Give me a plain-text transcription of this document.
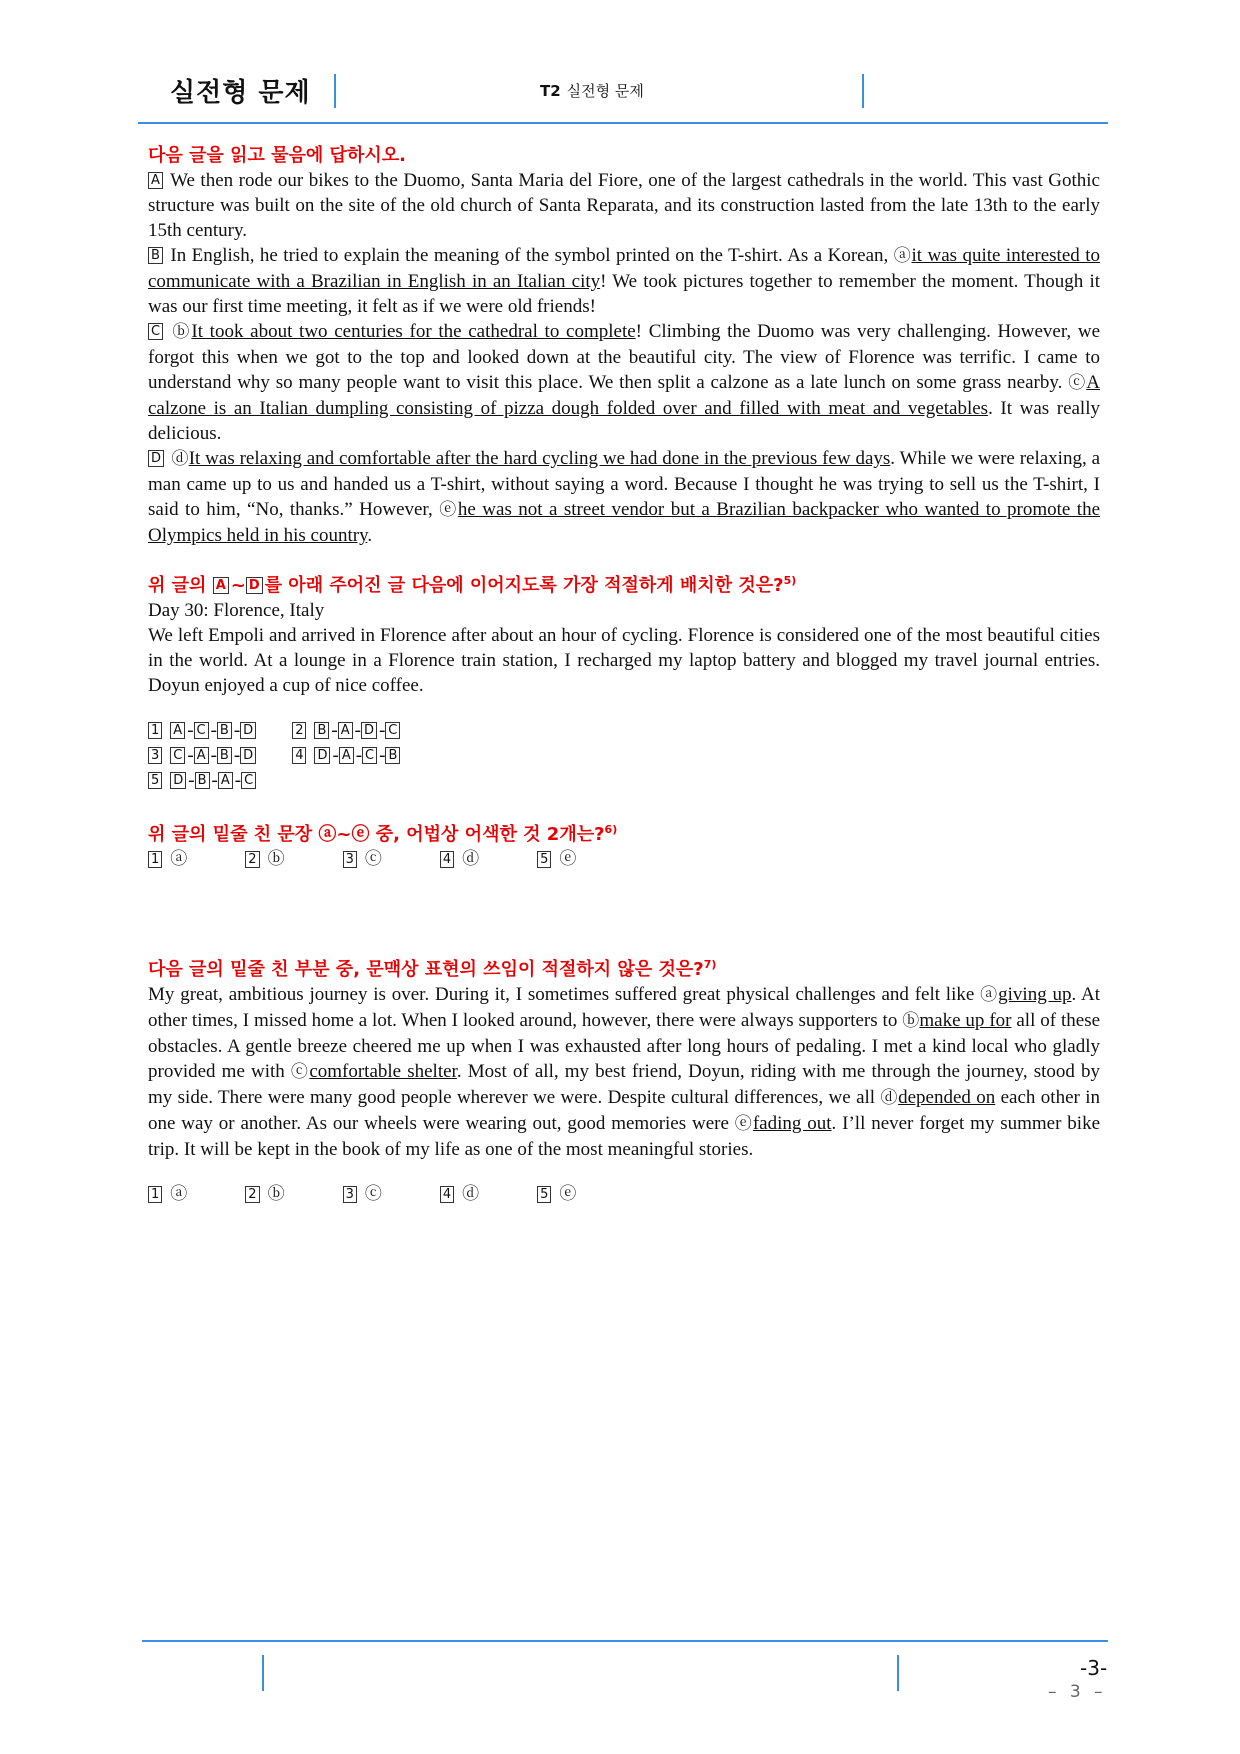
실전형 문제	T2 실전형 문제
다음 글을 읽고 물음에 답하시오.

A We then rode our bikes to the Duomo, Santa Maria del Fiore, one of the largest cathedrals in the world. This vast Gothic structure was built on the site of the old church of Santa Reparata, and its construction lasted from the late 13th to the early 15th century.

B In English, he tried to explain the meaning of the symbol printed on the T-shirt. As a Korean, ⓐit was quite interested to communicate with a Brazilian in English in an Italian city! We took pictures together to remember the moment. Though it was our first time meeting, it felt as if we were old friends!

C ⓑIt took about two centuries for the cathedral to complete! Climbing the Duomo was very challenging. However, we forgot this when we got to the top and looked down at the beautiful city. The view of Florence was terrific. I came to understand why so many people want to visit this place. We then split a calzone as a late lunch on some grass nearby. ⓒA calzone is an Italian dumpling consisting of pizza dough folded over and filled with meat and vegetables. It was really delicious.

D ⓓIt was relaxing and comfortable after the hard cycling we had done in the previous few days. While we were relaxing, a man came up to us and handed us a T-shirt, without saying a word. Because I thought he was trying to sell us the T-shirt, I said to him, “No, thanks.” However, ⓔhe was not a street vendor but a Brazilian backpacker who wanted to promote the Olympics held in his country.

위 글의 A ~ D 를 아래 주어진 글 다음에 이어지도록 가장 적절하게 배치한 것은?$^{5)}$

Day 30: Florence, Italy

We left Empoli and arrived in Florence after about an hour of cycling. Florence is considered one of the most beautiful cities in the world. At a lounge in a Florence train station, I recharged my laptop battery and blogged my travel journal entries. Doyun enjoyed a cup of nice coffee.

1 A - C - B - D	2 B - A - D - C
3 C - A - B - D	4 D - A - C - B
5 D - B - A - C
위 글의 밑줄 친 문장 ⓐ~ⓔ 중, 어법상 어색한 것 2개는?$^{6)}$
1 ⓐ	2 ⓑ	3 ⓒ	4 ⓓ	5 ⓔ
다음 글의 밑줄 친 부분 중, 문맥상 표현의 쓰임이 적절하지 않은 것은?$^{7)}$

My great, ambitious journey is over. During it, I sometimes suffered great physical challenges and felt like ⓐgiving up. At other times, I missed home a lot. When I looked around, however, there were always supporters to ⓑmake up for all of these obstacles. A gentle breeze cheered me up when I was exhausted after long hours of pedaling. I met a kind local who gladly provided me with ⓒcomfortable shelter. Most of all, my best friend, Doyun, riding with me through the journey, stood by my side. There were many good people wherever we were. Despite cultural differences, we all ⓓdepended on each other in one way or another. As our wheels were wearing out, good memories were ⓔfading out. I’ll never forget my summer bike trip. It will be kept in the book of my life as one of the most meaningful stories.

1 ⓐ	2 ⓑ	3 ⓒ	4 ⓓ	5 ⓔ
-3-
– 3 –
